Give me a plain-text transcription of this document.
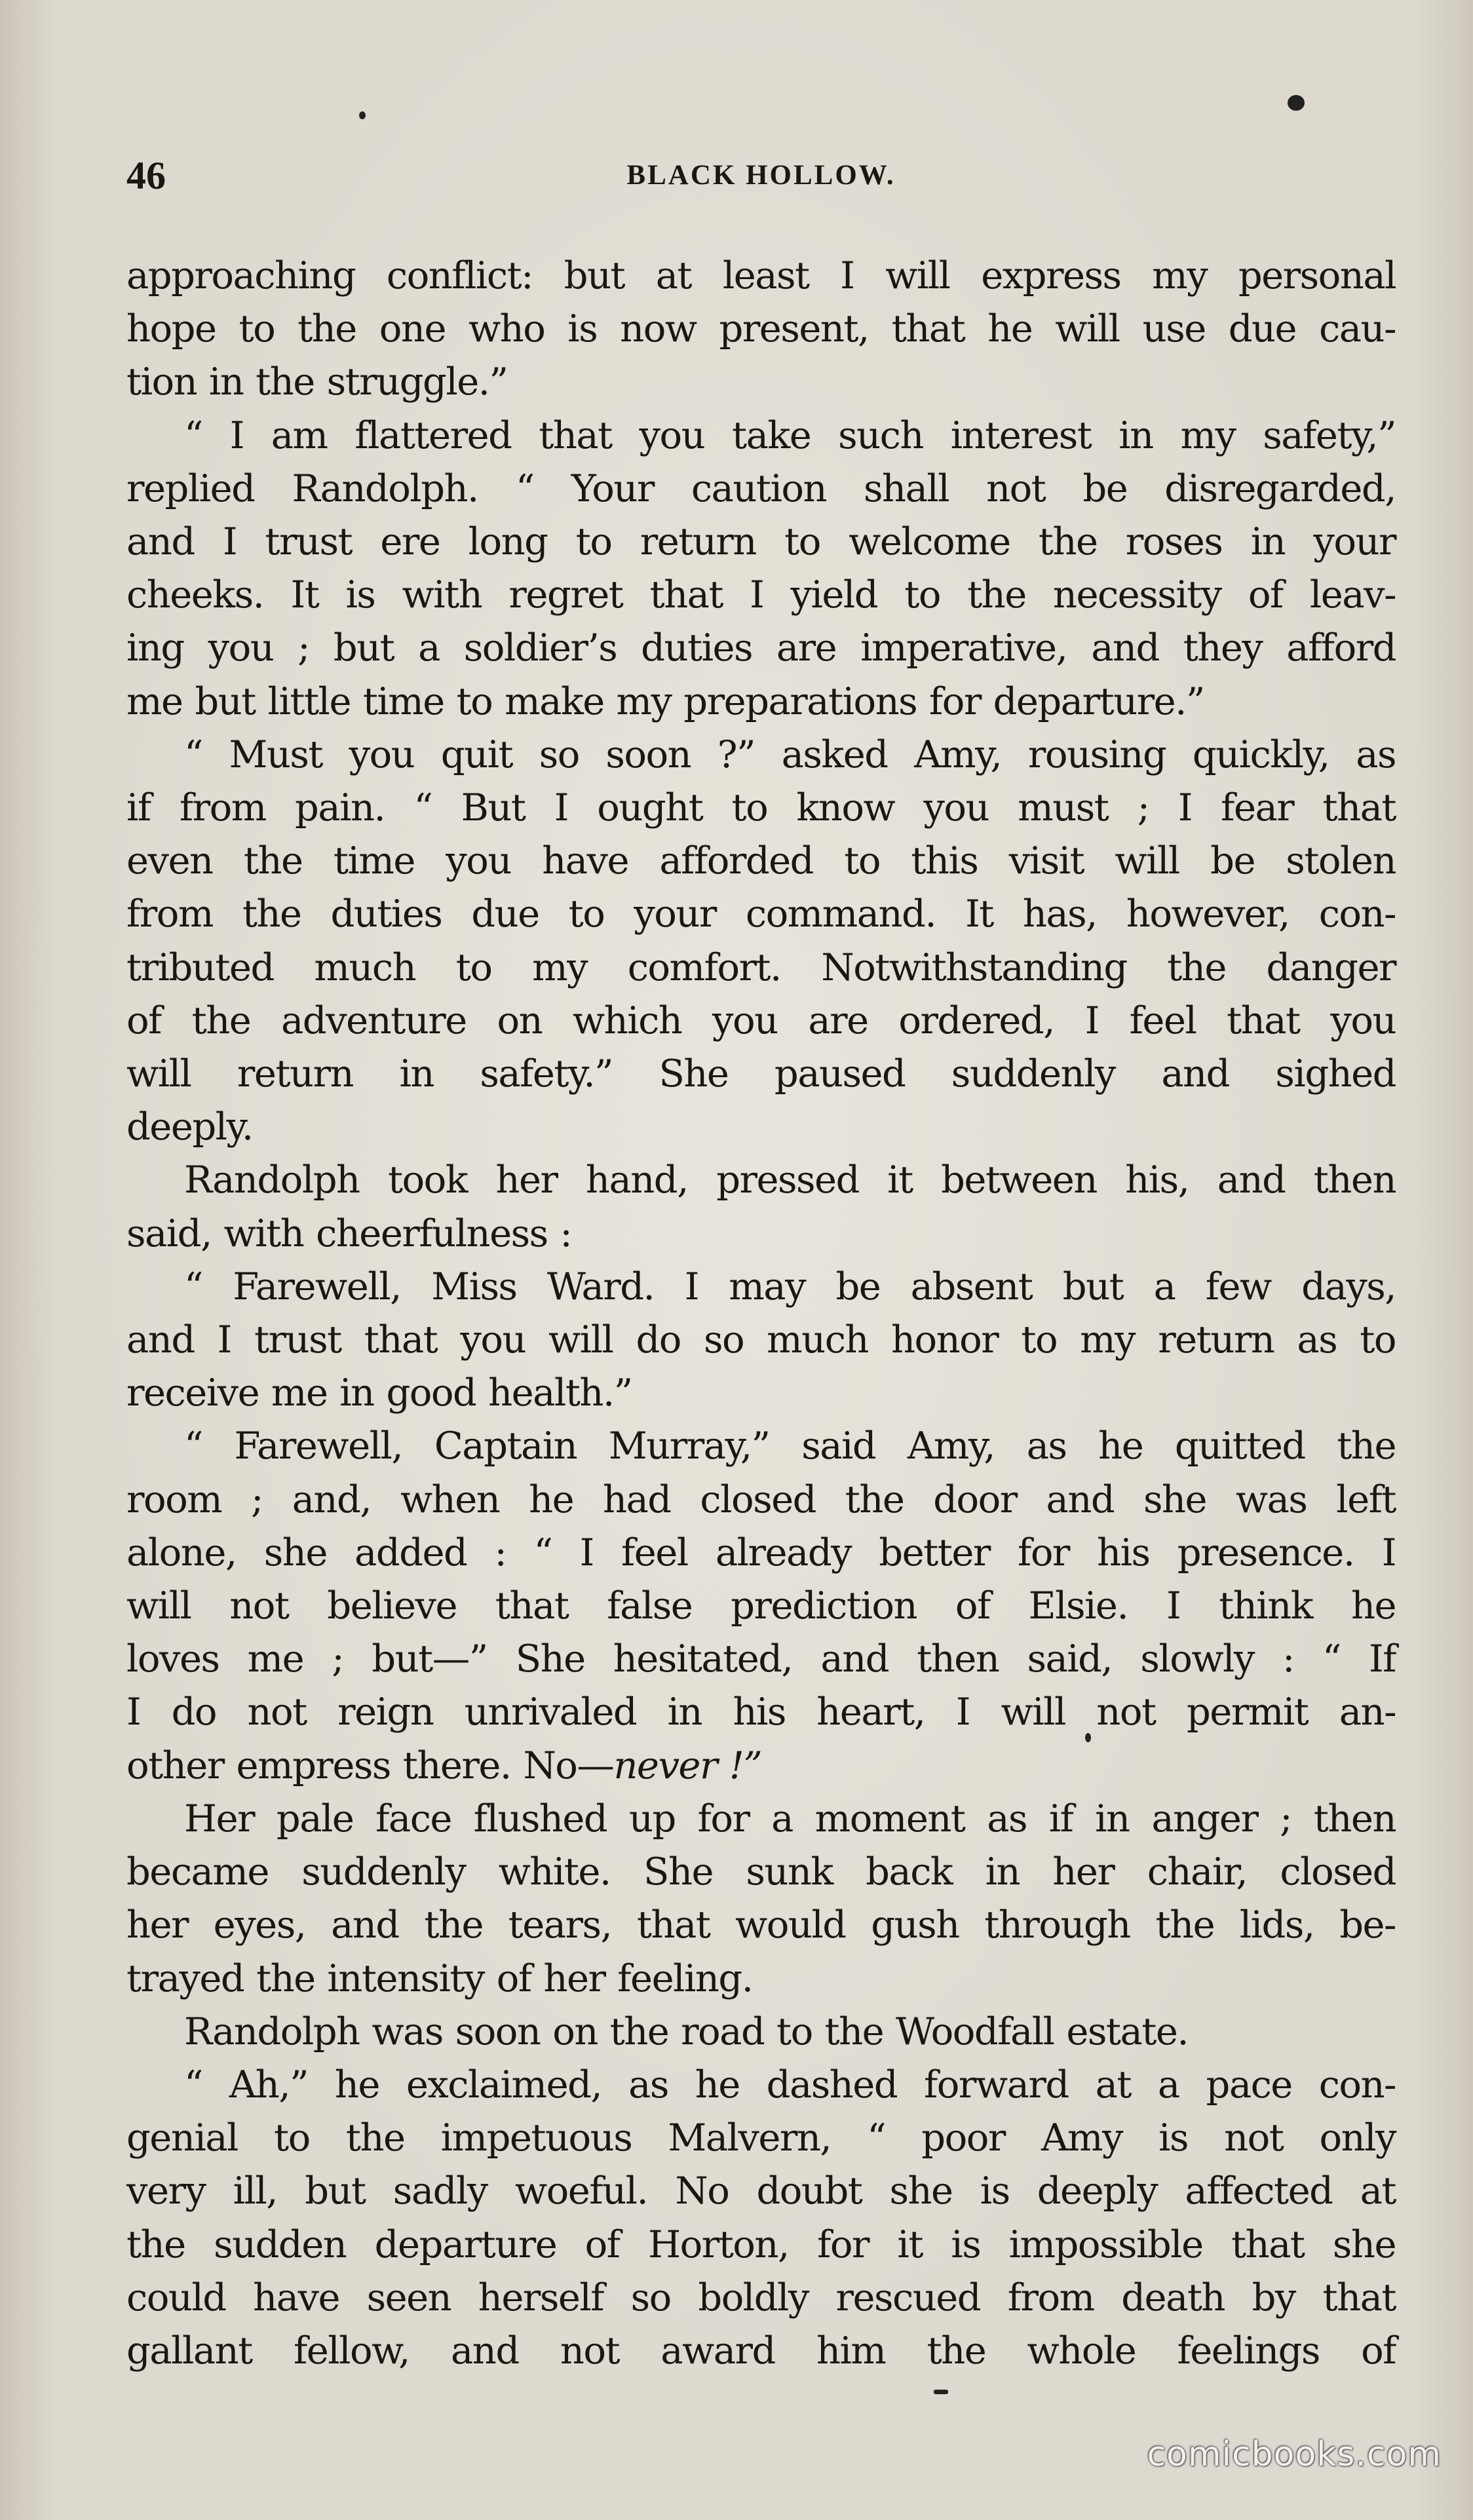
46	BLACK HOLLOW.
approaching conflict: but at least I will express my personal
hope to the one who is now present, that he will use due cau-
tion in the struggle.”
“ I am flattered that you take such interest in my safety,”
replied Randolph. “ Your caution shall not be disregarded,
and I trust ere long to return to welcome the roses in your
cheeks. It is with regret that I yield to the necessity of leav-
ing you ; but a soldier’s duties are imperative, and they afford
me but little time to make my preparations for departure.”
“ Must you quit so soon ?” asked Amy, rousing quickly, as
if from pain. “ But I ought to know you must ; I fear that
even the time you have afforded to this visit will be stolen
from the duties due to your command. It has, however, con-
tributed much to my comfort. Notwithstanding the danger
of the adventure on which you are ordered, I feel that you
will return in safety.” She paused suddenly and sighed
deeply.
Randolph took her hand, pressed it between his, and then
said, with cheerfulness :
“ Farewell, Miss Ward. I may be absent but a few days,
and I trust that you will do so much honor to my return as to
receive me in good health.”
“ Farewell, Captain Murray,” said Amy, as he quitted the
room ; and, when he had closed the door and she was left
alone, she added : “ I feel already better for his presence. I
will not believe that false prediction of Elsie. I think he
loves me ; but—” She hesitated, and then said, slowly : “ If
I do not reign unrivaled in his heart, I will not permit an-
other empress there. No—never !”
Her pale face flushed up for a moment as if in anger ; then
became suddenly white. She sunk back in her chair, closed
her eyes, and the tears, that would gush through the lids, be-
trayed the intensity of her feeling.
Randolph was soon on the road to the Woodfall estate.
“ Ah,” he exclaimed, as he dashed forward at a pace con-
genial to the impetuous Malvern, “ poor Amy is not only
very ill, but sadly woeful. No doubt she is deeply affected at
the sudden departure of Horton, for it is impossible that she
could have seen herself so boldly rescued from death by that
gallant fellow, and not award him the whole feelings of
comicbooks.com
